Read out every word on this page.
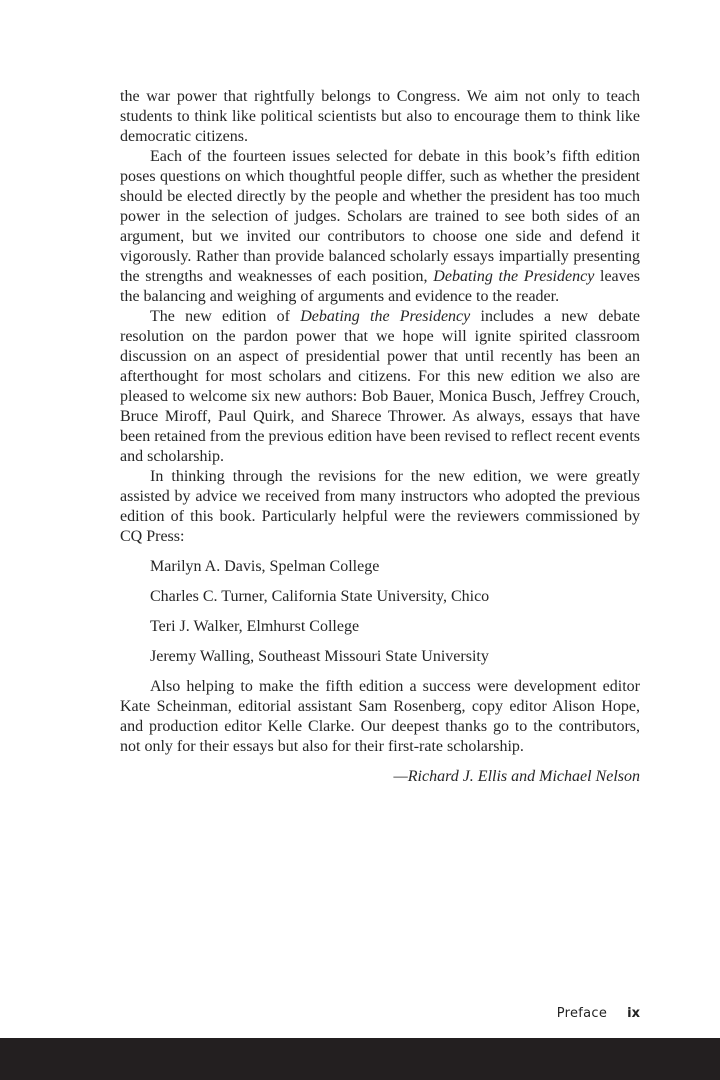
the war power that rightfully belongs to Congress. We aim not only to teach students to think like political scientists but also to encourage them to think like democratic citizens.

Each of the fourteen issues selected for debate in this book’s fifth edition poses questions on which thoughtful people differ, such as whether the president should be elected directly by the people and whether the president has too much power in the selection of judges. Scholars are trained to see both sides of an argument, but we invited our contributors to choose one side and defend it vigorously. Rather than provide balanced scholarly essays impartially presenting the strengths and weaknesses of each position, Debating the Presidency leaves the balancing and weighing of arguments and evidence to the reader.

The new edition of Debating the Presidency includes a new debate resolution on the pardon power that we hope will ignite spirited classroom discussion on an aspect of presidential power that until recently has been an afterthought for most scholars and citizens. For this new edition we also are pleased to welcome six new authors: Bob Bauer, Monica Busch, Jeffrey Crouch, Bruce Miroff, Paul Quirk, and Sharece Thrower. As always, essays that have been retained from the previous edition have been revised to reflect recent events and scholarship.

In thinking through the revisions for the new edition, we were greatly assisted by advice we received from many instructors who adopted the previous edition of this book. Particularly helpful were the reviewers commissioned by CQ Press:

Marilyn A. Davis, Spelman College

Charles C. Turner, California State University, Chico

Teri J. Walker, Elmhurst College

Jeremy Walling, Southeast Missouri State University

Also helping to make the fifth edition a success were development editor Kate Scheinman, editorial assistant Sam Rosenberg, copy editor Alison Hope, and production editor Kelle Clarke. Our deepest thanks go to the contributors, not only for their essays but also for their first-rate scholarship.

—Richard J. Ellis and Michael Nelson

Preface ix
